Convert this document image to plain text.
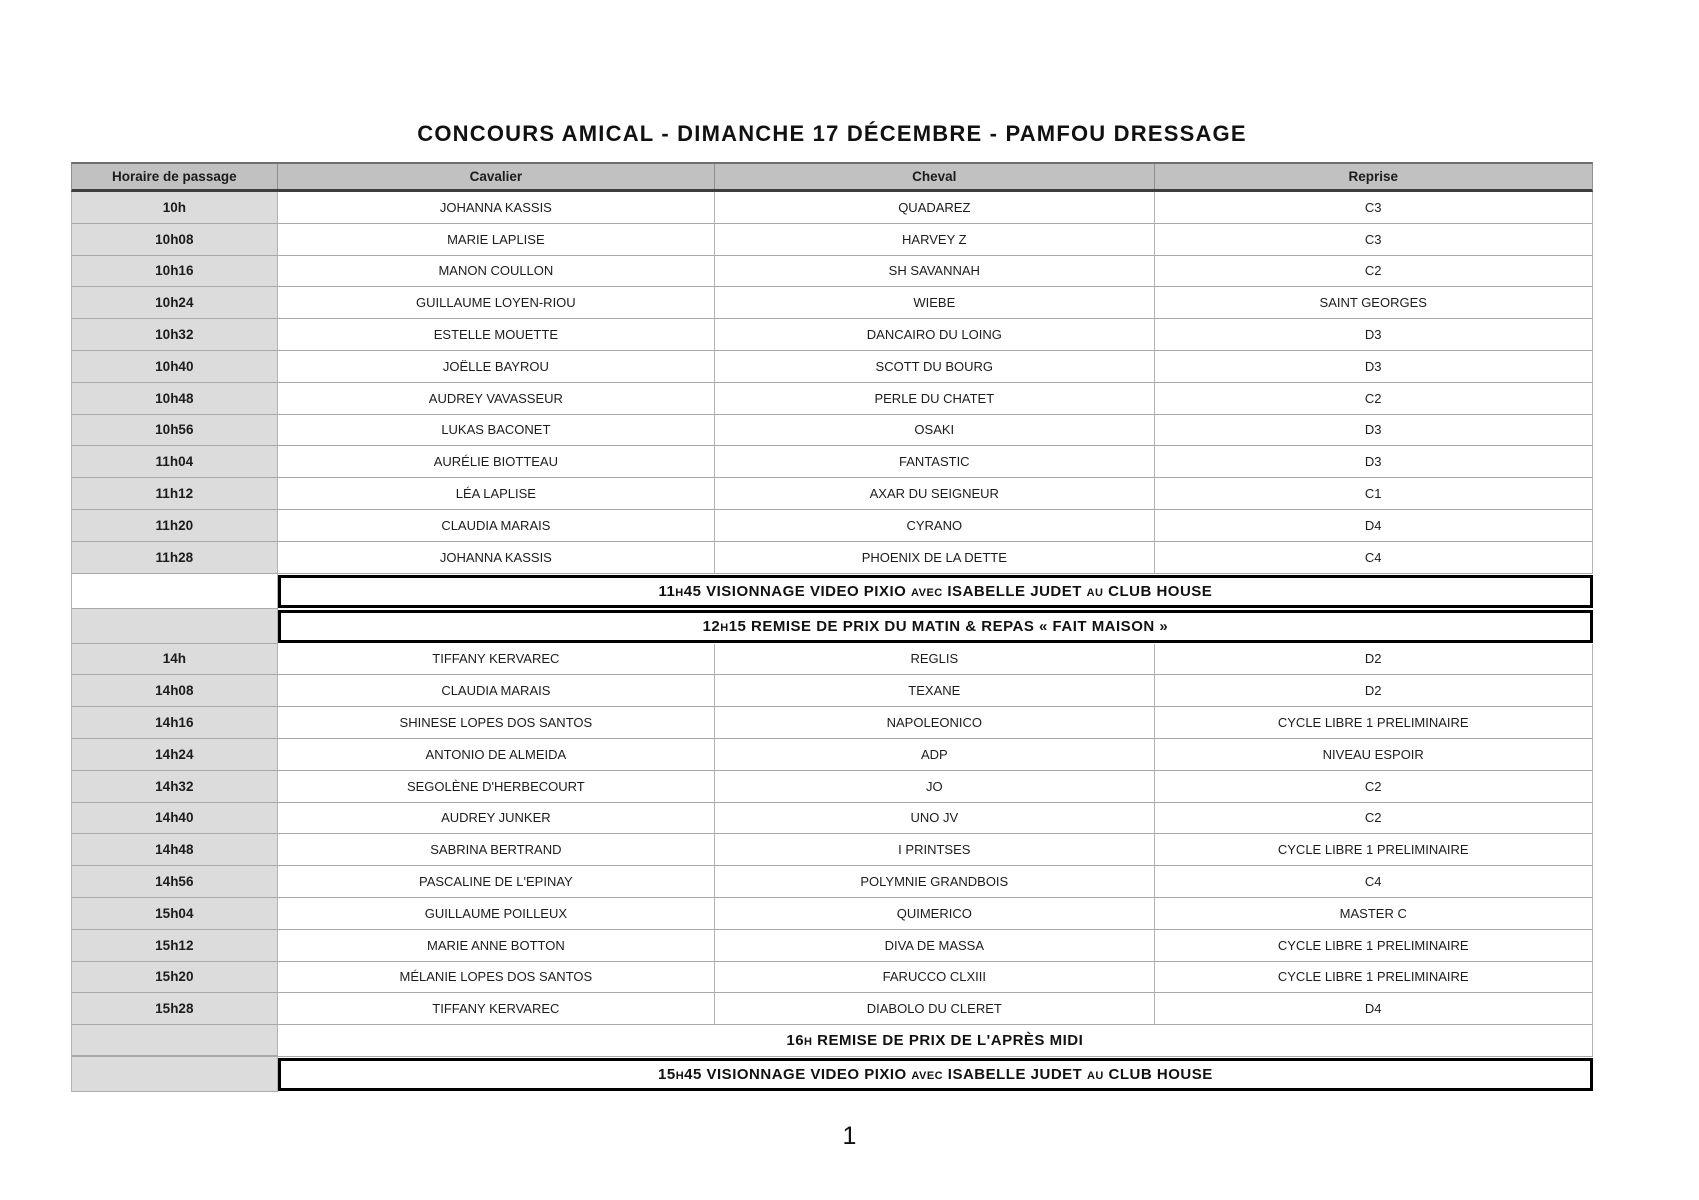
CONCOURS AMICAL - DIMANCHE 17 DÉCEMBRE - PAMFOU DRESSAGE
Horaire de passage	Cavalier	Cheval	Reprise
10h	JOHANNA KASSIS	QUADAREZ	C3
10h08	MARIE LAPLISE	HARVEY Z	C3
10h16	MANON COULLON	SH SAVANNAH	C2
10h24	GUILLAUME LOYEN-RIOU	WIEBE	SAINT GEORGES
10h32	ESTELLE MOUETTE	DANCAIRO DU LOING	D3
10h40	JOËLLE BAYROU	SCOTT DU BOURG	D3
10h48	AUDREY VAVASSEUR	PERLE DU CHATET	C2
10h56	LUKAS BACONET	OSAKI	D3
11h04	AURÉLIE BIOTTEAU	FANTASTIC	D3
11h12	LÉA LAPLISE	AXAR DU SEIGNEUR	C1
11h20	CLAUDIA MARAIS	CYRANO	D4
11h28	JOHANNA KASSIS	PHOENIX DE LA DETTE	C4
11h45 VISIONNAGE VIDEO PIXIO avec ISABELLE JUDET au CLUB HOUSE
12h15 REMISE DE PRIX DU MATIN & REPAS « FAIT MAISON »
14h	TIFFANY KERVAREC	REGLIS	D2
14h08	CLAUDIA MARAIS	TEXANE	D2
14h16	SHINESE LOPES DOS SANTOS	NAPOLEONICO	CYCLE LIBRE 1 PRELIMINAIRE
14h24	ANTONIO DE ALMEIDA	ADP	NIVEAU ESPOIR
14h32	SEGOLÈNE D'HERBECOURT	JO	C2
14h40	AUDREY JUNKER	UNO JV	C2
14h48	SABRINA BERTRAND	I PRINTSES	CYCLE LIBRE 1 PRELIMINAIRE
14h56	PASCALINE DE L'EPINAY	POLYMNIE GRANDBOIS	C4
15h04	GUILLAUME POILLEUX	QUIMERICO	MASTER C
15h12	MARIE ANNE BOTTON	DIVA DE MASSA	CYCLE LIBRE 1 PRELIMINAIRE
15h20	MÉLANIE LOPES DOS SANTOS	FARUCCO CLXIII	CYCLE LIBRE 1 PRELIMINAIRE
15h28	TIFFANY KERVAREC	DIABOLO DU CLERET	D4
16h REMISE DE PRIX DE L'APRÈS MIDI
15h45 VISIONNAGE VIDEO PIXIO avec ISABELLE JUDET au CLUB HOUSE
1
